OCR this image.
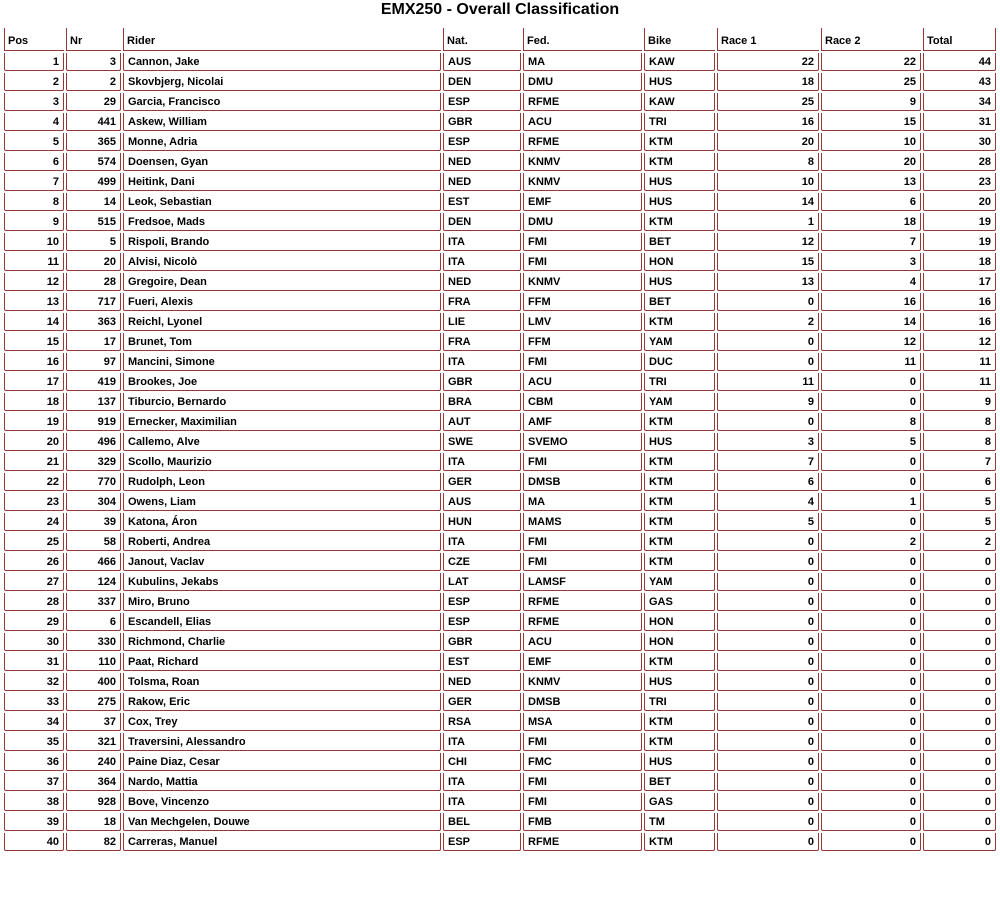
EMX250 - Overall Classification
Pos	Nr	Rider	Nat.	Fed.	Bike	Race 1	Race 2	Total
1	3	Cannon, Jake	AUS	MA	KAW	22	22	44
2	2	Skovbjerg, Nicolai	DEN	DMU	HUS	18	25	43
3	29	Garcia, Francisco	ESP	RFME	KAW	25	9	34
4	441	Askew, William	GBR	ACU	TRI	16	15	31
5	365	Monne, Adria	ESP	RFME	KTM	20	10	30
6	574	Doensen, Gyan	NED	KNMV	KTM	8	20	28
7	499	Heitink, Dani	NED	KNMV	HUS	10	13	23
8	14	Leok, Sebastian	EST	EMF	HUS	14	6	20
9	515	Fredsoe, Mads	DEN	DMU	KTM	1	18	19
10	5	Rispoli, Brando	ITA	FMI	BET	12	7	19
11	20	Alvisi, Nicolò	ITA	FMI	HON	15	3	18
12	28	Gregoire, Dean	NED	KNMV	HUS	13	4	17
13	717	Fueri, Alexis	FRA	FFM	BET	0	16	16
14	363	Reichl, Lyonel	LIE	LMV	KTM	2	14	16
15	17	Brunet, Tom	FRA	FFM	YAM	0	12	12
16	97	Mancini, Simone	ITA	FMI	DUC	0	11	11
17	419	Brookes, Joe	GBR	ACU	TRI	11	0	11
18	137	Tiburcio, Bernardo	BRA	CBM	YAM	9	0	9
19	919	Ernecker, Maximilian	AUT	AMF	KTM	0	8	8
20	496	Callemo, Alve	SWE	SVEMO	HUS	3	5	8
21	329	Scollo, Maurizio	ITA	FMI	KTM	7	0	7
22	770	Rudolph, Leon	GER	DMSB	KTM	6	0	6
23	304	Owens, Liam	AUS	MA	KTM	4	1	5
24	39	Katona, Áron	HUN	MAMS	KTM	5	0	5
25	58	Roberti, Andrea	ITA	FMI	KTM	0	2	2
26	466	Janout, Vaclav	CZE	FMI	KTM	0	0	0
27	124	Kubulins, Jekabs	LAT	LAMSF	YAM	0	0	0
28	337	Miro, Bruno	ESP	RFME	GAS	0	0	0
29	6	Escandell, Elias	ESP	RFME	HON	0	0	0
30	330	Richmond, Charlie	GBR	ACU	HON	0	0	0
31	110	Paat, Richard	EST	EMF	KTM	0	0	0
32	400	Tolsma, Roan	NED	KNMV	HUS	0	0	0
33	275	Rakow, Eric	GER	DMSB	TRI	0	0	0
34	37	Cox, Trey	RSA	MSA	KTM	0	0	0
35	321	Traversini, Alessandro	ITA	FMI	KTM	0	0	0
36	240	Paine Diaz, Cesar	CHI	FMC	HUS	0	0	0
37	364	Nardo, Mattia	ITA	FMI	BET	0	0	0
38	928	Bove, Vincenzo	ITA	FMI	GAS	0	0	0
39	18	Van Mechgelen, Douwe	BEL	FMB	TM	0	0	0
40	82	Carreras, Manuel	ESP	RFME	KTM	0	0	0
